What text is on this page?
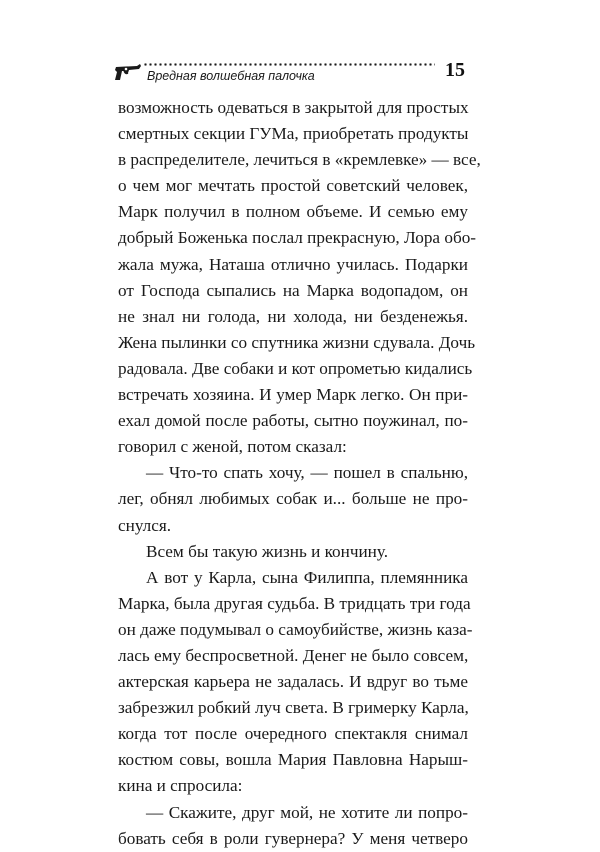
Вредная волшебная палочка	15
возможность одеваться в закрытой для простых
смертных секции ГУМа, приобретать продукты
в распределителе, лечиться в «кремлевке» — все,
о чем мог мечтать простой советский человек,
Марк получил в полном объеме. И семью ему
добрый Боженька послал прекрасную, Лора обо-
жала мужа, Наташа отлично училась. Подарки
от Господа сыпались на Марка водопадом, он
не знал ни голода, ни холода, ни безденежья.
Жена пылинки со спутника жизни сдувала. Дочь
радовала. Две собаки и кот опрометью кидались
встречать хозяина. И умер Марк легко. Он при-
ехал домой после работы, сытно поужинал, по-
говорил с женой, потом сказал:
— Что-то спать хочу, — пошел в спальню,
лег, обнял любимых собак и... больше не про-
снулся.
Всем бы такую жизнь и кончину.
А вот у Карла, сына Филиппа, племянника
Марка, была другая судьба. В тридцать три года
он даже подумывал о самоубийстве, жизнь каза-
лась ему беспросветной. Денег не было совсем,
актерская карьера не задалась. И вдруг во тьме
забрезжил робкий луч света. В гримерку Карла,
когда тот после очередного спектакля снимал
костюм совы, вошла Мария Павловна Нарыш-
кина и спросила:
— Скажите, друг мой, не хотите ли попро-
бовать себя в роли гувернера? У меня четверо
